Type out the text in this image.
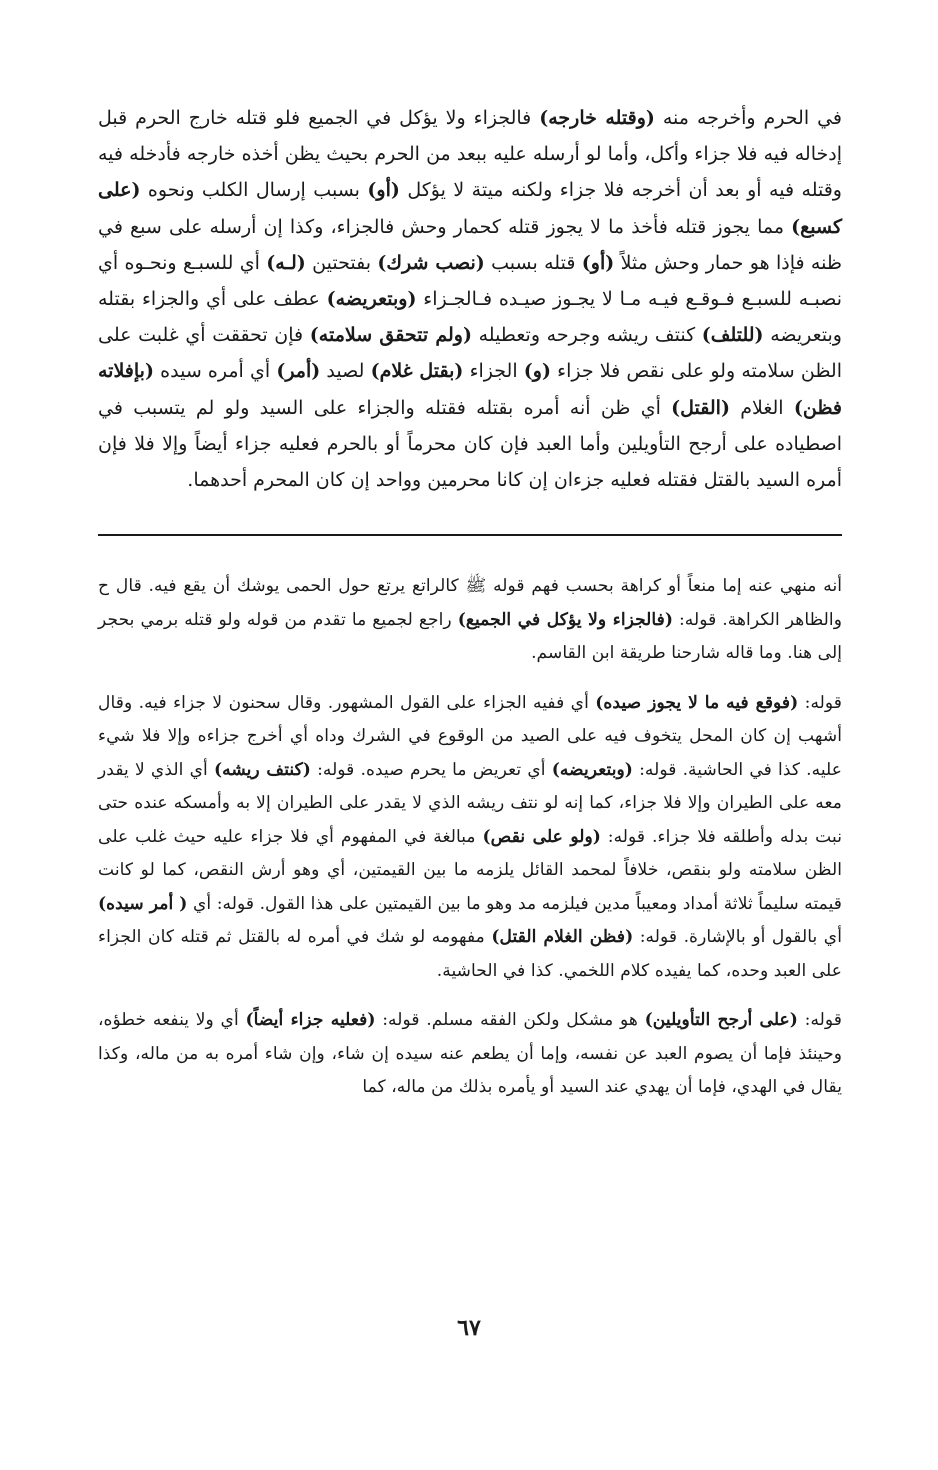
في الحرم وأخرجه منه (وقتله خارجه) فالجزاء ولا يؤكل في الجميع فلو قتله خارج الحرم قبل إدخاله فيه فلا جزاء وأكل، وأما لو أرسله عليه ببعد من الحرم بحيث يظن أخذه خارجه فأدخله فيه وقتله فيه أو بعد أن أخرجه فلا جزاء ولكنه ميتة لا يؤكل (أو) بسبب إرسال الكلب ونحوه (على كسبع) مما يجوز قتله فأخذ ما لا يجوز قتله كحمار وحش فالجزاء، وكذا إن أرسله على سبع في ظنه فإذا هو حمار وحش مثلاً (أو) قتله بسبب (نصب شرك) بفتحتين (لـه) أي للسبـع ونحـوه أي نصبـه للسبـع فـوقـع فيـه مـا لا يجـوز صيـده فـالجـزاء (وبتعريضه) عطف على أي والجزاء بقتله وبتعريضه (للتلف) كنتف ريشه وجرحه وتعطيله (ولم تتحقق سلامته) فإن تحققت أي غلبت على الظن سلامته ولو على نقص فلا جزاء (و) الجزاء (بقتل غلام) لصيد (أمر) أي أمره سيده (بإفلاته فظن) الغلام (القتل) أي ظن أنه أمره بقتله فقتله والجزاء على السيد ولو لم يتسبب في اصطياده على أرجح التأويلين وأما العبد فإن كان محرماً أو بالحرم فعليه جزاء أيضاً وإلا فلا فإن أمره السيد بالقتل فقتله فعليه جزءان إن كانا محرمين وواحد إن كان المحرم أحدهما.

أنه منهي عنه إما منعاً أو كراهة بحسب فهم قوله ﷺ كالراتع يرتع حول الحمى يوشك أن يقع فيه. قال ح والظاهر الكراهة. قوله: (فالجزاء ولا يؤكل في الجميع) راجع لجميع ما تقدم من قوله ولو قتله برمي بحجر إلى هنا. وما قاله شارحنا طريقة ابن القاسم.

قوله: (فوقع فيه ما لا يجوز صيده) أي ففيه الجزاء على القول المشهور. وقال سحنون لا جزاء فيه. وقال أشهب إن كان المحل يتخوف فيه على الصيد من الوقوع في الشرك وداه أي أخرج جزاءه وإلا فلا شيء عليه. كذا في الحاشية. قوله: (وبتعريضه) أي تعريض ما يحرم صيده. قوله: (كنتف ريشه) أي الذي لا يقدر معه على الطيران وإلا فلا جزاء، كما إنه لو نتف ريشه الذي لا يقدر على الطيران إلا به وأمسكه عنده حتى نبت بدله وأطلقه فلا جزاء. قوله: (ولو على نقص) مبالغة في المفهوم أي فلا جزاء عليه حيث غلب على الظن سلامته ولو بنقص، خلافاً لمحمد القائل يلزمه ما بين القيمتين، أي وهو أرش النقص، كما لو كانت قيمته سليماً ثلاثة أمداد ومعيباً مدين فيلزمه مد وهو ما بين القيمتين على هذا القول. قوله: أي ( أمر سيده) أي بالقول أو بالإشارة. قوله: (فظن الغلام القتل) مفهومه لو شك في أمره له بالقتل ثم قتله كان الجزاء على العبد وحده، كما يفيده كلام اللخمي. كذا في الحاشية.

قوله: (على أرجح التأويلين) هو مشكل ولكن الفقه مسلم. قوله: (فعليه جزاء أيضاً) أي ولا ينفعه خطؤه، وحينئذ فإما أن يصوم العبد عن نفسه، وإما أن يطعم عنه سيده إن شاء، وإن شاء أمره به من ماله، وكذا يقال في الهدي، فإما أن يهدي عند السيد أو يأمره بذلك من ماله، كما

٦٧
